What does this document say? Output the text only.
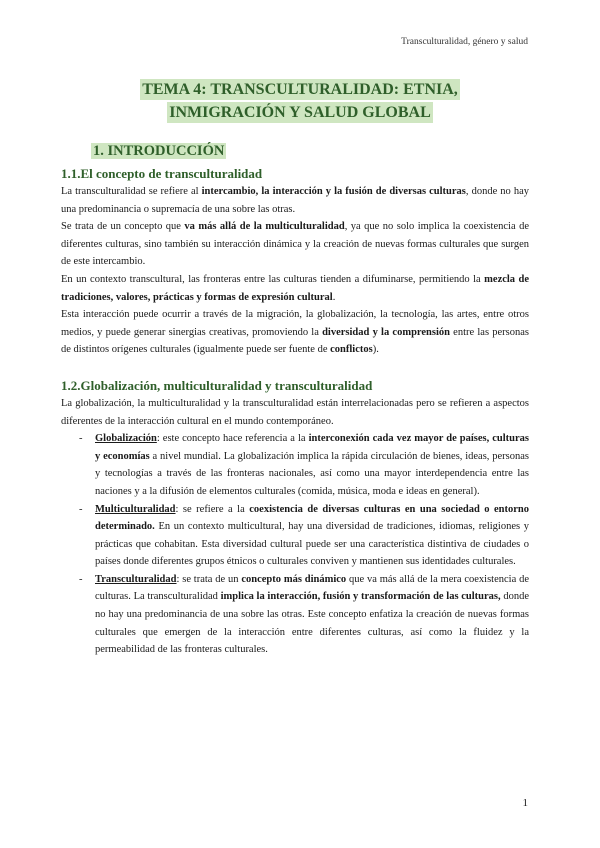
Transculturalidad, género y salud
TEMA 4: TRANSCULTURALIDAD: ETNIA,
INMIGRACIÓN Y SALUD GLOBAL
1. INTRODUCCIÓN
1.1.El concepto de transculturalidad

La transculturalidad se refiere al intercambio, la interacción y la fusión de diversas culturas, donde no hay una predominancia o supremacía de una sobre las otras.

Se trata de un concepto que va más allá de la multiculturalidad, ya que no solo implica la coexistencia de diferentes culturas, sino también su interacción dinámica y la creación de nuevas formas culturales que surgen de este intercambio.

En un contexto transcultural, las fronteras entre las culturas tienden a difuminarse, permitiendo la mezcla de tradiciones, valores, prácticas y formas de expresión cultural.

Esta interacción puede ocurrir a través de la migración, la globalización, la tecnología, las artes, entre otros medios, y puede generar sinergias creativas, promoviendo la diversidad y la comprensión entre las personas de distintos orígenes culturales (igualmente puede ser fuente de conflictos).

1.2.Globalización, multiculturalidad y transculturalidad

La globalización, la multiculturalidad y la transculturalidad están interrelacionadas pero se refieren a aspectos diferentes de la interacción cultural en el mundo contemporáneo.

- Globalización: este concepto hace referencia a la interconexión cada vez mayor de países, culturas y economías a nivel mundial. La globalización implica la rápida circulación de bienes, ideas, personas y tecnologías a través de las fronteras nacionales, así como una mayor interdependencia entre las naciones y a la difusión de elementos culturales (comida, música, moda e ideas en general).
- Multiculturalidad: se refiere a la coexistencia de diversas culturas en una sociedad o entorno determinado. En un contexto multicultural, hay una diversidad de tradiciones, idiomas, religiones y prácticas que cohabitan. Esta diversidad cultural puede ser una característica distintiva de ciudades o países donde diferentes grupos étnicos o culturales conviven y mantienen sus identidades culturales.
- Transculturalidad: se trata de un concepto más dinámico que va más allá de la mera coexistencia de culturas. La transculturalidad implica la interacción, fusión y transformación de las culturas, donde no hay una predominancia de una sobre las otras. Este concepto enfatiza la creación de nuevas formas culturales que emergen de la interacción entre diferentes culturas, así como la fluidez y la permeabilidad de las fronteras culturales.
1
